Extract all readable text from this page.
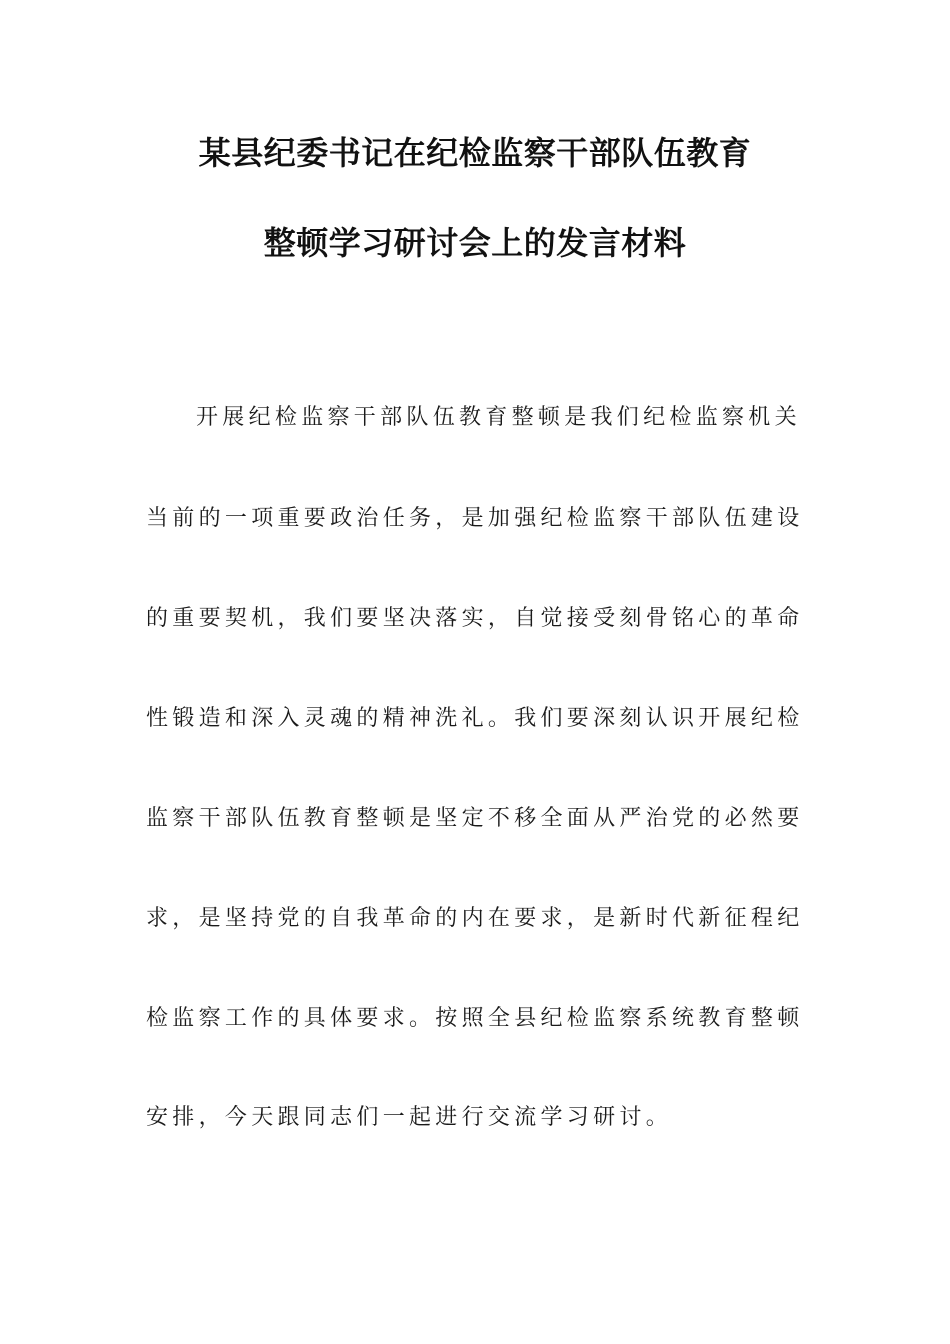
某县纪委书记在纪检监察干部队伍教育
整顿学习研讨会上的发言材料
开展纪检监察干部队伍教育整顿是我们纪检监察机关
当前的一项重要政治任务，是加强纪检监察干部队伍建设
的重要契机，我们要坚决落实，自觉接受刻骨铭心的革命
性锻造和深入灵魂的精神洗礼。我们要深刻认识开展纪检
监察干部队伍教育整顿是坚定不移全面从严治党的必然要
求，是坚持党的自我革命的内在要求，是新时代新征程纪
检监察工作的具体要求。按照全县纪检监察系统教育整顿
安排，今天跟同志们一起进行交流学习研讨。
